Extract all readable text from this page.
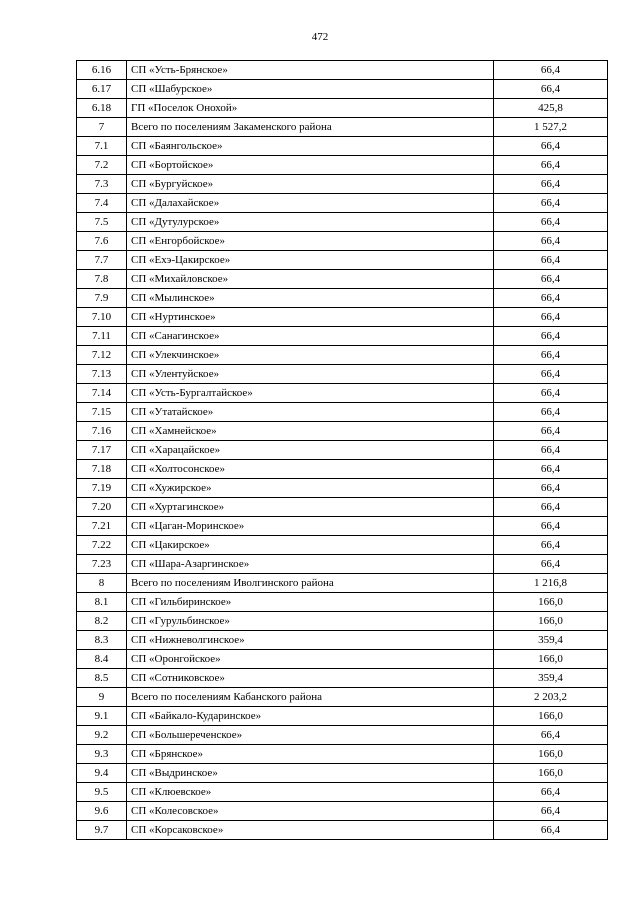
472
6.16	СП «Усть-Брянское»	66,4
6.17	СП «Шабурское»	66,4
6.18	ГП «Поселок Онохой»	425,8
7	Всего по поселениям Закаменского района	1 527,2
7.1	СП «Баянгольское»	66,4
7.2	СП «Бортойское»	66,4
7.3	СП «Бургуйское»	66,4
7.4	СП «Далахайское»	66,4
7.5	СП «Дутулурское»	66,4
7.6	СП «Енгорбойское»	66,4
7.7	СП «Ехэ-Цакирское»	66,4
7.8	СП «Михайловское»	66,4
7.9	СП «Мылинское»	66,4
7.10	СП «Нуртинское»	66,4
7.11	СП «Санагинское»	66,4
7.12	СП «Улекчинское»	66,4
7.13	СП «Улентуйское»	66,4
7.14	СП «Усть-Бургалтайское»	66,4
7.15	СП «Утатайское»	66,4
7.16	СП «Хамнейское»	66,4
7.17	СП «Харацайское»	66,4
7.18	СП «Холтосонское»	66,4
7.19	СП «Хужирское»	66,4
7.20	СП «Хуртагинское»	66,4
7.21	СП «Цаган-Моринское»	66,4
7.22	СП «Цакирское»	66,4
7.23	СП «Шара-Азаргинское»	66,4
8	Всего по поселениям Иволгинского района	1 216,8
8.1	СП «Гильбиринское»	166,0
8.2	СП «Гурульбинское»	166,0
8.3	СП «Нижневолгинское»	359,4
8.4	СП «Оронгойское»	166,0
8.5	СП «Сотниковское»	359,4
9	Всего по поселениям Кабанского района	2 203,2
9.1	СП «Байкало-Кударинское»	166,0
9.2	СП «Большереченское»	66,4
9.3	СП «Брянское»	166,0
9.4	СП «Выдринское»	166,0
9.5	СП «Клюевское»	66,4
9.6	СП «Колесовское»	66,4
9.7	СП «Корсаковское»	66,4
